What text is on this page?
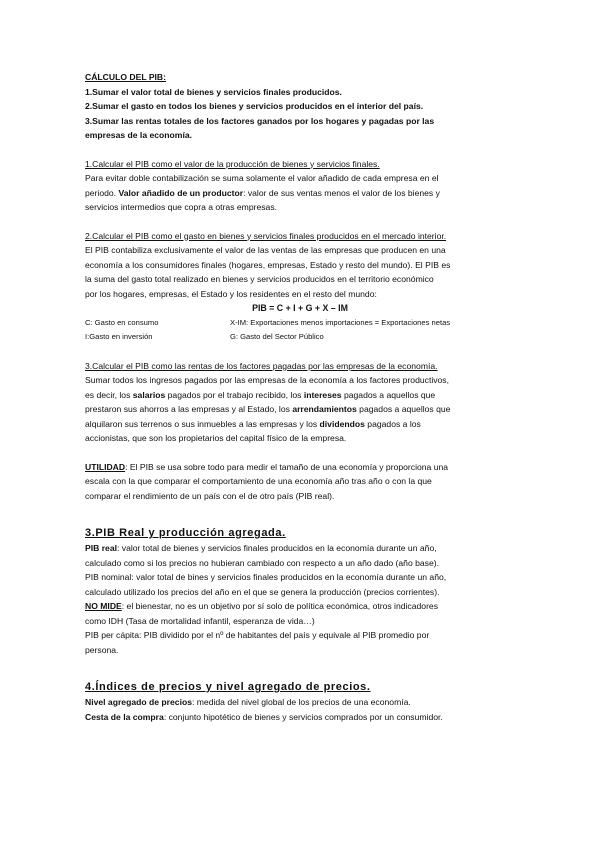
CÁLCULO DEL PIB:
1.Sumar el valor total de bienes y servicios finales producidos.
2.Sumar el gasto en todos los bienes y servicios producidos en el interior del país.
3.Sumar las rentas totales de los factores ganados por los hogares y pagadas por las
empresas de la economía.
1.Calcular el PIB como el valor de la producción de bienes y servicios finales.
Para evitar doble contabilización se suma solamente el valor añadido de cada empresa en el
periodo. Valor añadido de un productor: valor de sus ventas menos el valor de los bienes y
servicios intermedios que copra a otras empresas.
2.Calcular el PIB como el gasto en bienes y servicios finales producidos en el mercado interior.
El PIB contabiliza exclusivamente el valor de las ventas de las empresas que producen en una
economía a los consumidores finales (hogares, empresas, Estado y resto del mundo). El PIB es
la suma del gasto total realizado en bienes y servicios producidos en el territorio económico
por los hogares, empresas, el Estado y los residentes en el resto del mundo:
PIB = C + I + G + X – IM
C: Gasto en consumo	X-IM: Exportaciones menos importaciones = Exportaciones netas
I:Gasto en inversión	G: Gasto del Sector Público
3.Calcular el PIB como las rentas de los factores pagadas por las empresas de la economía.
Sumar todos los ingresos pagados por las empresas de la economía a los factores productivos,
es decir, los salarios pagados por el trabajo recibido, los intereses pagados a aquellos que
prestaron sus ahorros a las empresas y al Estado, los arrendamientos pagados a aquellos que
alquilaron sus terrenos o sus inmuebles a las empresas y los dividendos pagados a los
accionistas, que son los propietarios del capital físico de la empresa.
UTILIDAD: El PIB se usa sobre todo para medir el tamaño de una economía y proporciona una
escala con la que comparar el comportamiento de una economía año tras año o con la que
comparar el rendimiento de un país con el de otro país (PIB real).
3.PIB Real y producción agregada.
PIB real: valor total de bienes y servicios finales producidos en la economía durante un año,
calculado como si los precios no hubieran cambiado con respecto a un año dado (año base).
PIB nominal: valor total de bines y servicios finales producidos en la economía durante un año,
calculado utilizado los precios del año en el que se genera la producción (precios corrientes).
NO MIDE: el bienestar, no es un objetivo por sí solo de política económica, otros indicadores
como IDH (Tasa de mortalidad infantil, esperanza de vida…)
PIB per cápita: PIB dividido por el nº de habitantes del país y equivale al PIB promedio por
persona.
4.Índices de precios y nivel agregado de precios.
Nivel agregado de precios: medida del nivel global de los precios de una economía.
Cesta de la compra: conjunto hipotético de bienes y servicios comprados por un consumidor.
